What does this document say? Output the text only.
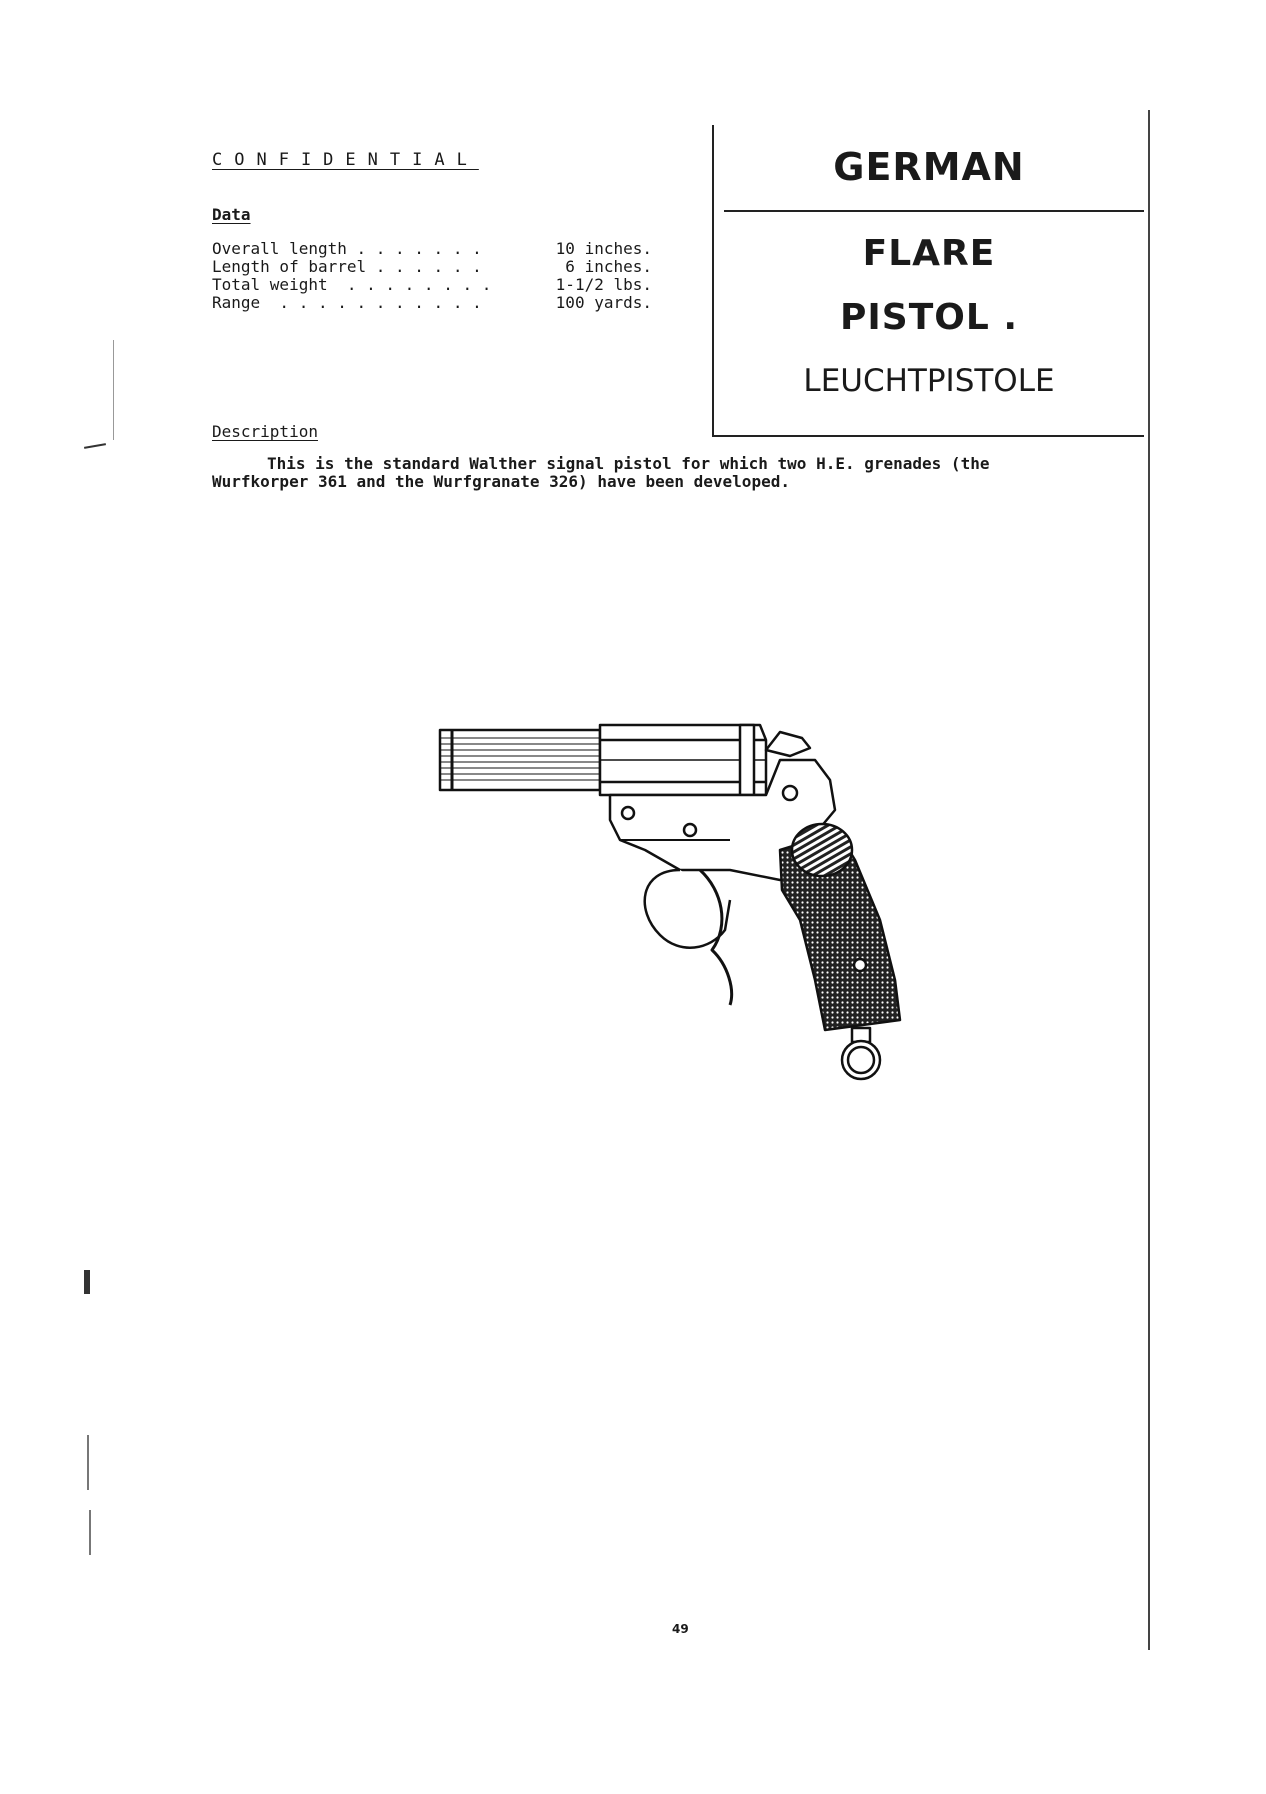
CONFIDENTIAL
Data
Overall length . . . . . . .	10 inches.
Length of barrel . . . . . .	6 inches.
Total weight  . . . . . . . .	1-1/2 lbs.
Range  . . . . . . . . . . .	100 yards.
GERMAN
FLARE
PISTOL .
LEUCHTPISTOLE
Description
This is the standard Walther signal pistol for which two H.E. grenades (the Wurfkorper 361 and the Wurfgranate 326) have been developed.
49
